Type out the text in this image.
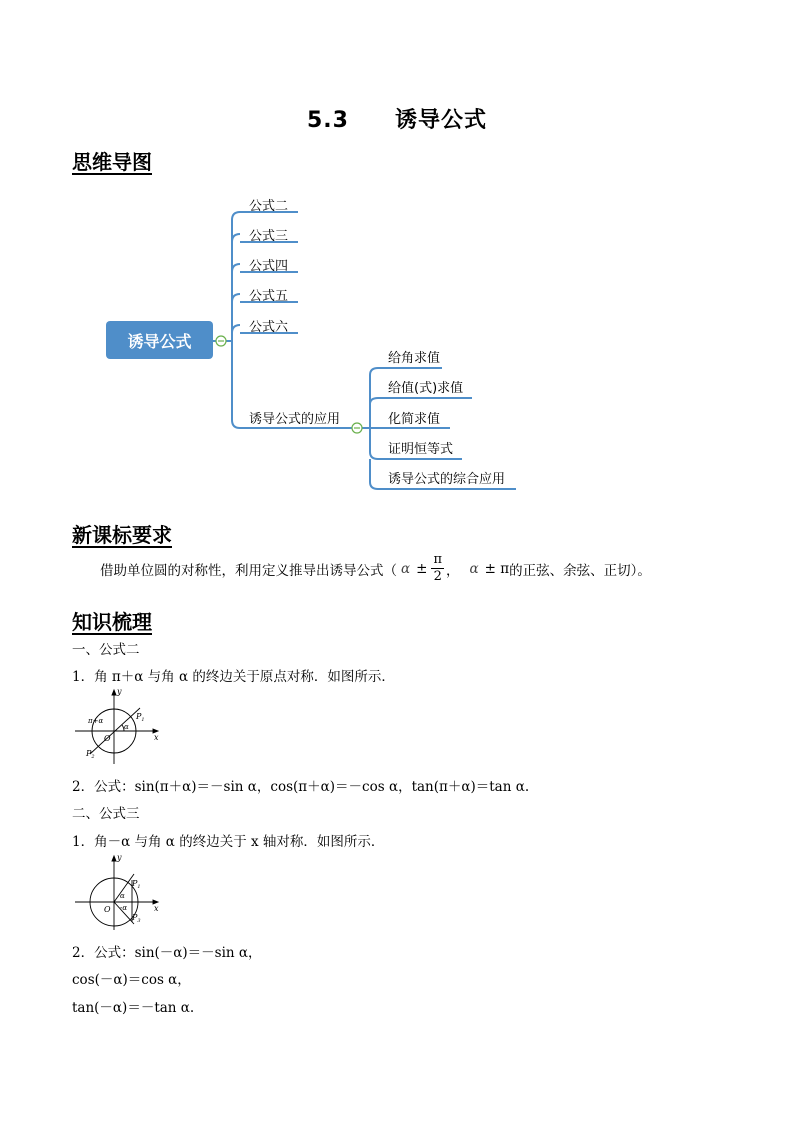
5.3 诱导公式
思维导图
诱导公式
公式二
公式三
公式四
公式五
公式六
诱导公式的应用
给角求值
给值(式)求值
化简求值
证明恒等式
诱导公式的综合应用
新课标要求
借助单位圆的对称性，利用定义推导出诱导公式（ $\alpha \pm \frac{\pi}{2}$ ， α ± π 的正弦、余弦、正切）。
知识梳理
一、公式二
1．角 π＋α 与角 α 的终边关于原点对称．如图所示．
y
x
O
$P_1$
$P_2$
π+α
α
2．公式：sin(π＋α)＝－sin α，cos(π＋α)＝－cos α，tan(π＋α)＝tan α.
二、公式三
1．角－α 与角 α 的终边关于 x 轴对称．如图所示．
y
x
O
$P_1$
$P_3$
α
-α
2．公式：sin(－α)＝－sin α，
cos(－α)＝cos α，
tan(－α)＝－tan α.
